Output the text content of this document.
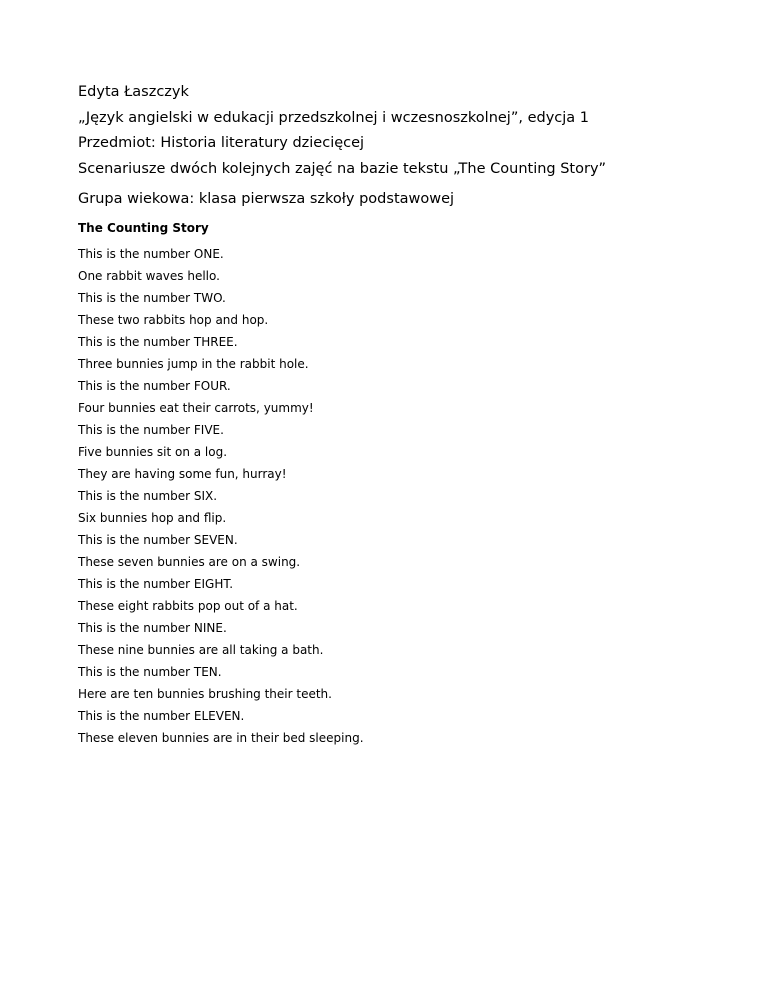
Edyta Łaszczyk
„Język angielski w edukacji przedszkolnej i wczesnoszkolnej”, edycja 1
Przedmiot: Historia literatury dziecięcej
Scenariusze dwóch kolejnych zajęć na bazie tekstu „The Counting Story”
Grupa wiekowa: klasa pierwsza szkoły podstawowej
The Counting Story
This is the number ONE.
One rabbit waves hello.
This is the number TWO.
These two rabbits hop and hop.
This is the number THREE.
Three bunnies jump in the rabbit hole.
This is the number FOUR.
Four bunnies eat their carrots, yummy!
This is the number FIVE.
Five bunnies sit on a log.
They are having some fun, hurray!
This is the number SIX.
Six bunnies hop and flip.
This is the number SEVEN.
These seven bunnies are on a swing.
This is the number EIGHT.
These eight rabbits pop out of a hat.
This is the number NINE.
These nine bunnies are all taking a bath.
This is the number TEN.
Here are ten bunnies brushing their teeth.
This is the number ELEVEN.
These eleven bunnies are in their bed sleeping.
